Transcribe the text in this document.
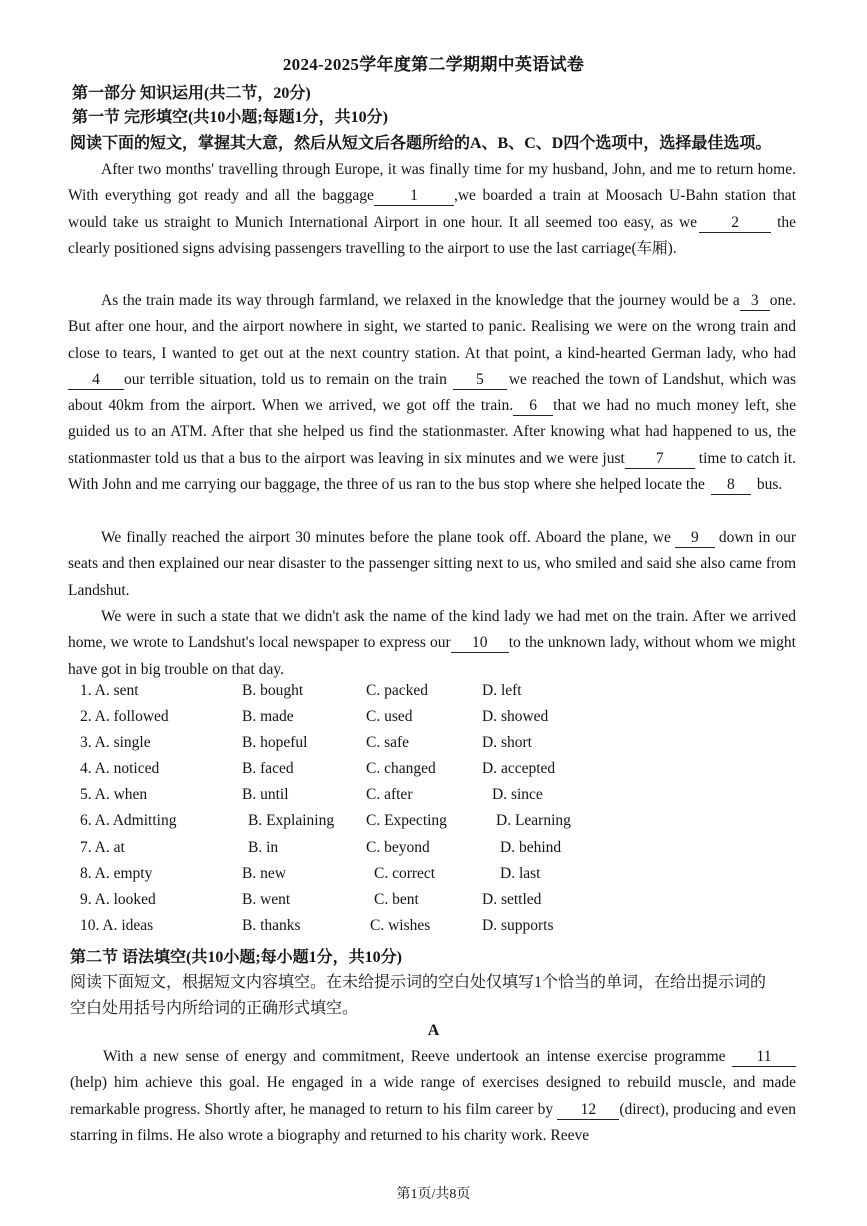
2024-2025学年度第二学期期中英语试卷
第一部分 知识运用(共二节，20分)
第一节 完形填空(共10小题;每题1分，共10分)
阅读下面的短文，掌握其大意，然后从短文后各题所给的A、B、C、D四个选项中，选择最佳选项。
After two months' travelling through Europe, it was finally time for my husband, John, and me to return home. With everything got ready and all the baggage 1 ,we boarded a train at Moosach U-Bahn station that would take us straight to Munich International Airport in one hour. It all seemed too easy, as we 2 the clearly positioned signs advising passengers travelling to the airport to use the last carriage(车厢).
As the train made its way through farmland, we relaxed in the knowledge that the journey would be a 3 one. But after one hour, and the airport nowhere in sight, we started to panic. Realising we were on the wrong train and close to tears, I wanted to get out at the next country station. At that point, a kind-hearted German lady, who had4 our terrible situation, told us to remain on the train 5 we reached the town of Landshut, which was about 40km from the airport. When we arrived, we got off the train. 6 that we had no much money left, she guided us to an ATM. After that she helped us find the stationmaster. After knowing what had happened to us, the stationmaster told us that a bus to the airport was leaving in six minutes and we were just 7 time to catch it. With John and me carrying our baggage, the three of us ran to the bus stop where she helped locate the 8 bus.
We finally reached the airport 30 minutes before the plane took off. Aboard the plane, we 9 down in our seats and then explained our near disaster to the passenger sitting next to us, who smiled and said she also came from Landshut.
We were in such a state that we didn't ask the name of the kind lady we had met on the train. After we arrived home, we wrote to Landshut's local newspaper to express our 10 to the unknown lady, without whom we might have got in big trouble on that day.
1. A. sent	B. bought	C. packed	D. left
2. A. followed	B. made	C. used	D. showed
3. A. single	B. hopeful	C. safe	D. short
4. A. noticed	B. faced	C. changed	D. accepted
5. A. when	B. until	C. after	D. since
6. A. Admitting	B. Explaining C. Expecting	D. Learning
7. A. at	B. in	C. beyond	D. behind
8. A. empty	B. new	C. correct	D. last
9. A. looked	B. went	C. bent	D. settled
10. A. ideas	B. thanks	C. wishes	D. supports
第二节 语法填空(共10小题;每小题1分，共10分)
阅读下面短文，根据短文内容填空。在未给提示词的空白处仅填写1个恰当的单词，在给出提示词的
空白处用括号内所给词的正确形式填空。
A
With a new sense of energy and commitment, Reeve undertook an intense exercise programme 11(help) him achieve this goal. He engaged in a wide range of exercises designed to rebuild muscle, and made remarkable progress. Shortly after, he managed to return to his film career by 12 (direct), producing and even starring in films. He also wrote a biography and returned to his charity work. Reeve
第1页/共8页
